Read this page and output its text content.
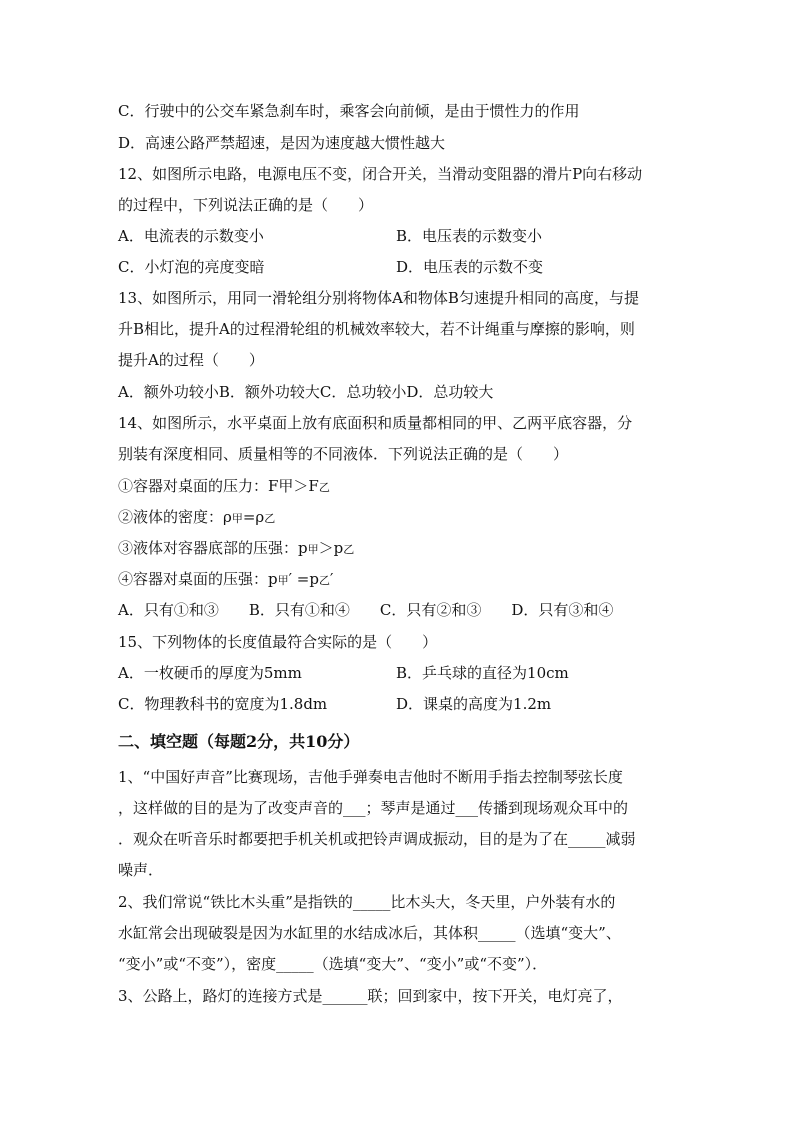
C．行驶中的公交车紧急刹车时，乘客会向前倾，是由于惯性力的作用
D．高速公路严禁超速，是因为速度越大惯性越大
12、如图所示电路，电源电压不变，闭合开关，当滑动变阻器的滑片P向右移动
的过程中，下列说法正确的是（　　）
A．电流表的示数变小	B．电压表的示数变小
C．小灯泡的亮度变暗	D．电压表的示数不变
13、如图所示，用同一滑轮组分别将物体A和物体B匀速提升相同的高度，与提
升B相比，提升A的过程滑轮组的机械效率较大，若不计绳重与摩擦的影响，则
提升A的过程（　　）
A．额外功较小B．额外功较大C．总功较小D．总功较大
14、如图所示，水平桌面上放有底面积和质量都相同的甲、乙两平底容器，分
别装有深度相同、质量相等的不同液体．下列说法正确的是（　　）
①容器对桌面的压力：F甲＞F乙
②液体的密度：ρ甲=ρ乙
③液体对容器底部的压强：p甲＞p乙
④容器对桌面的压强：p甲′ =p乙′
A．只有①和③　　B．只有①和④　　C．只有②和③　　D．只有③和④
15、下列物体的长度值最符合实际的是（　　）
A．一枚硬币的厚度为5mm	B．乒乓球的直径为10cm
C．物理教科书的宽度为1.8dm	D．课桌的高度为1.2m
二、填空题（每题2分，共10分）
1、“中国好声音”比赛现场，吉他手弹奏电吉他时不断用手指去控制琴弦长度
，这样做的目的是为了改变声音的___；琴声是通过___传播到现场观众耳中的
．观众在听音乐时都要把手机关机或把铃声调成振动，目的是为了在_____减弱
噪声．
2、我们常说“铁比木头重”是指铁的_____比木头大，冬天里，户外装有水的
水缸常会出现破裂是因为水缸里的水结成冰后，其体积_____（选填“变大”、
“变小”或“不变”），密度_____（选填“变大”、“变小”或“不变”）．
3、公路上，路灯的连接方式是______联；回到家中，按下开关，电灯亮了，
